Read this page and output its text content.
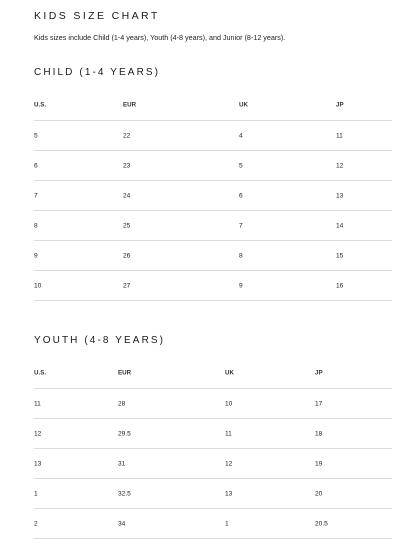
KIDS SIZE CHART
Kids sizes include Child (1-4 years), Youth (4-8 years), and Junior (8-12 years).
CHILD (1-4 YEARS)
U.S.	EUR	UK	JP
5	22	4	11
6	23	5	12
7	24	6	13
8	25	7	14
9	26	8	15
10	27	9	16
YOUTH (4-8 YEARS)
U.S.	EUR	UK	JP
11	28	10	17
12	29.5	11	18
13	31	12	19
1	32.5	13	20
2	34	1	20.5
